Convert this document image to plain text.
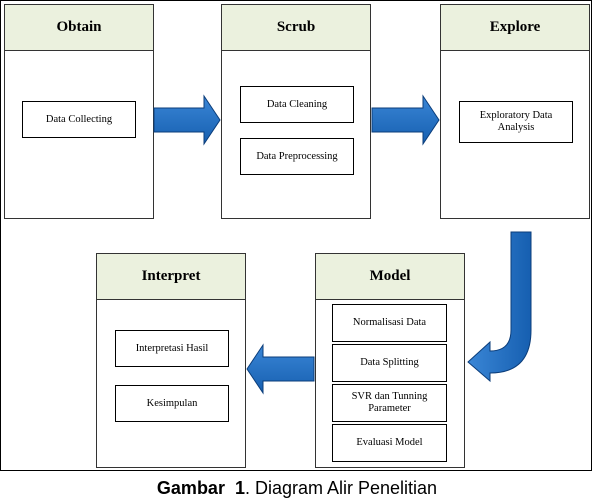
Obtain
Data Collecting
Scrub
Data Cleaning
Data Preprocessing
Explore
Exploratory Data Analysis
Model
Normalisasi Data
Data Splitting
SVR dan Tunning Parameter
Evaluasi Model
Interpret
Interpretasi Hasil
Kesimpulan
Gambar 1. Diagram Alir Penelitian
